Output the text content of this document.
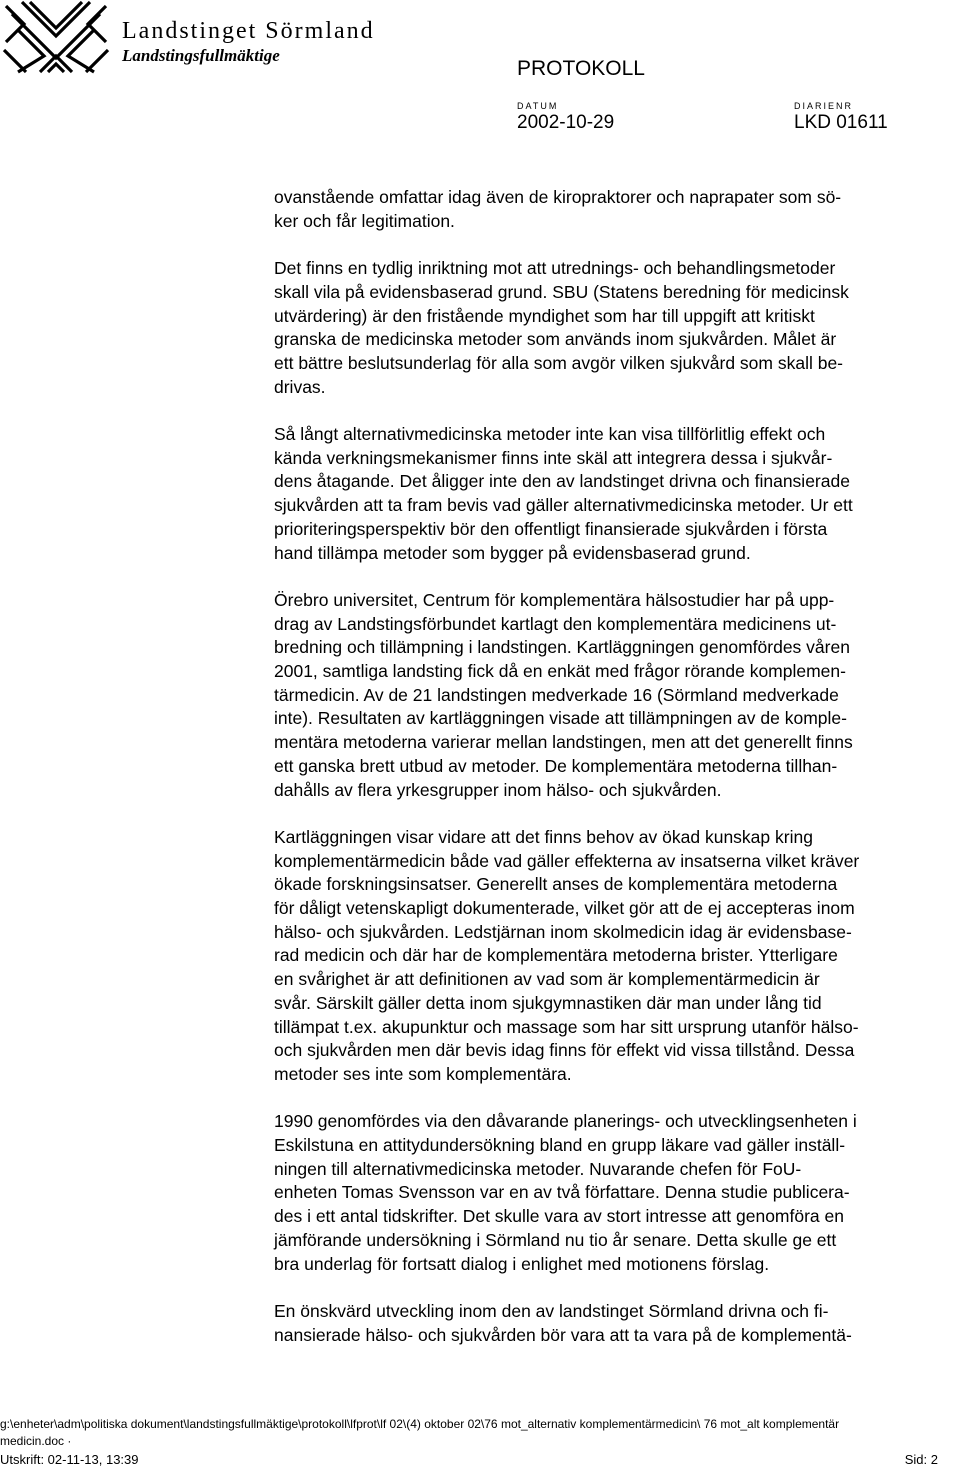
Landstinget Sörmland
Landstingsfullmäktige
PROTOKOLL
DATUM
2002-10-29
DIARIENR
LKD 01611

ovanstående omfattar idag även de kiropraktorer och naprapater som sö-
ker och får legitimation.

Det finns en tydlig inriktning mot att utrednings- och behandlingsmetoder
skall vila på evidensbaserad grund. SBU (Statens beredning för medicinsk
utvärdering) är den fristående myndighet som har till uppgift att kritiskt
granska de medicinska metoder som används inom sjukvården. Målet är
ett bättre beslutsunderlag för alla som avgör vilken sjukvård som skall be-
drivas.

Så långt alternativmedicinska metoder inte kan visa tillförlitlig effekt och
kända verkningsmekanismer finns inte skäl att integrera dessa i sjukvår-
dens åtagande. Det åligger inte den av landstinget drivna och finansierade
sjukvården att ta fram bevis vad gäller alternativmedicinska metoder. Ur ett
prioriteringsperspektiv bör den offentligt finansierade sjukvården i första
hand tillämpa metoder som bygger på evidensbaserad grund.

Örebro universitet, Centrum för komplementära hälsostudier har på upp-
drag av Landstingsförbundet kartlagt den komplementära medicinens ut-
bredning och tillämpning i landstingen. Kartläggningen genomfördes våren
2001, samtliga landsting fick då en enkät med frågor rörande komplemen-
tärmedicin. Av de 21 landstingen medverkade 16 (Sörmland medverkade
inte). Resultaten av kartläggningen visade att tillämpningen av de komple-
mentära metoderna varierar mellan landstingen, men att det generellt finns
ett ganska brett utbud av metoder. De komplementära metoderna tillhan-
dahålls av flera yrkesgrupper inom hälso- och sjukvården.

Kartläggningen visar vidare att det finns behov av ökad kunskap kring
komplementärmedicin både vad gäller effekterna av insatserna vilket kräver
ökade forskningsinsatser. Generellt anses de komplementära metoderna
för dåligt vetenskapligt dokumenterade, vilket gör att de ej accepteras inom
hälso- och sjukvården. Ledstjärnan inom skolmedicin idag är evidensbase-
rad medicin och där har de komplementära metoderna brister. Ytterligare
en svårighet är att definitionen av vad som är komplementärmedicin är
svår. Särskilt gäller detta inom sjukgymnastiken där man under lång tid
tillämpat t.ex. akupunktur och massage som har sitt ursprung utanför hälso-
och sjukvården men där bevis idag finns för effekt vid vissa tillstånd. Dessa
metoder ses inte som komplementära.

1990 genomfördes via den dåvarande planerings- och utvecklingsenheten i
Eskilstuna en attitydundersökning bland en grupp läkare vad gäller inställ-
ningen till alternativmedicinska metoder. Nuvarande chefen för FoU-
enheten Tomas Svensson var en av två författare. Denna studie publicera-
des i ett antal tidskrifter. Det skulle vara av stort intresse att genomföra en
jämförande undersökning i Sörmland nu tio år senare. Detta skulle ge ett
bra underlag för fortsatt dialog i enlighet med motionens förslag.

En önskvärd utveckling inom den av landstinget Sörmland drivna och fi-
nansierade hälso- och sjukvården bör vara att ta vara på de komplementä-

g:\enheter\adm\politiska dokument\landstingsfullmäktige\protokoll\lfprot\lf 02\(4) oktober 02\76 mot_alternativ komplementärmedicin\ 76 mot_alt komplementär
medicin.doc ·
Utskrift: 02-11-13, 13:39	Sid: 2
